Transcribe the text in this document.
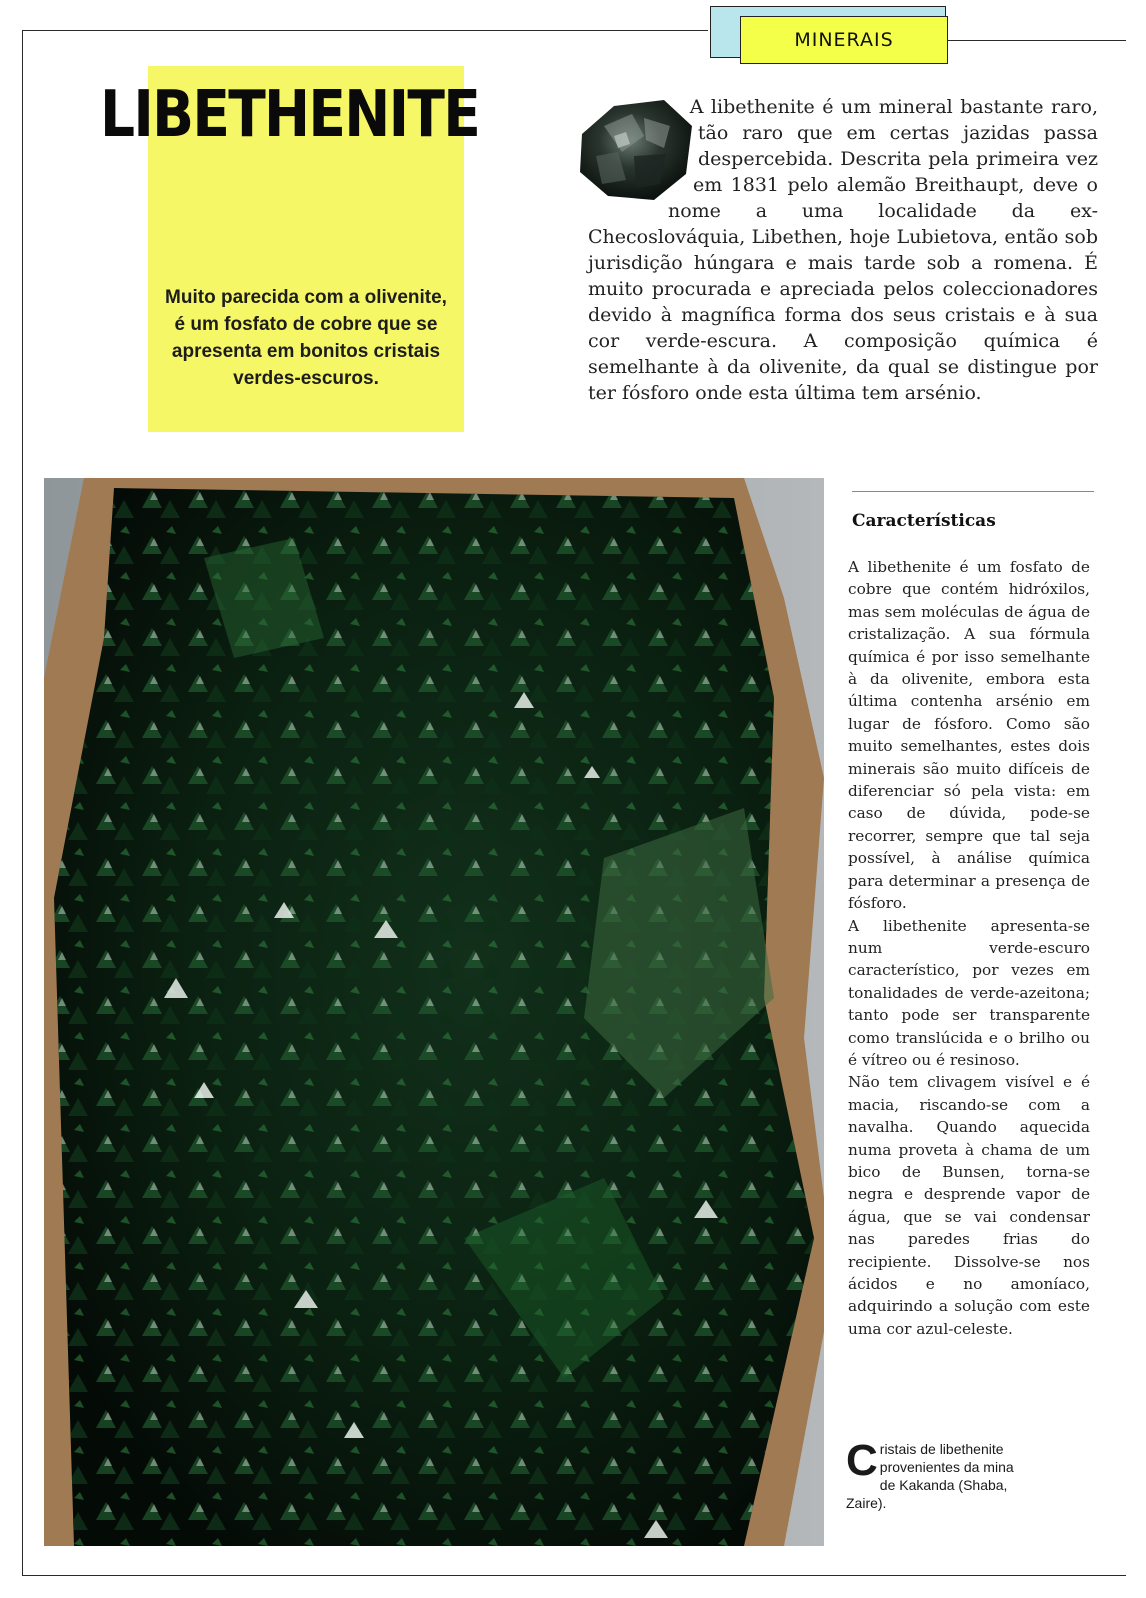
MINERAIS
LIBETHENITE
Muito parecida com a olivenite, é um fosfato de cobre que se apresenta em bonitos cristais verdes-escuros.
A libethenite é um mineral bastante raro, tão raro que em certas jazidas passa despercebida. Descrita pela primeira vez em 1831 pelo alemão Breithaupt, deve o nome a uma localidade da ex-Checoslováquia, Libethen, hoje Lubietova, então sob jurisdição húngara e mais tarde sob a romena. É muito procurada e apreciada pelos coleccionadores devido à magnífica forma dos seus cristais e à sua cor verde-escura. A composição química é semelhante à da olivenite, da qual se distingue por ter fósforo onde esta última tem arsénio.
Características

A libethenite é um fosfato de cobre que contém hidróxilos, mas sem moléculas de água de cristalização. A sua fórmula química é por isso semelhante à da olivenite, embora esta última contenha arsénio em lugar de fósforo. Como são muito semelhantes, estes dois minerais são muito difíceis de diferenciar só pela vista: em caso de dúvida, pode-se recorrer, sempre que tal seja possível, à análise química para determinar a presença de fósforo.

A libethenite apresenta-se num verde-escuro característico, por vezes em tonalidades de verde-azeitona; tanto pode ser transparente como translúcida e o brilho ou é vítreo ou é resinoso.

Não tem clivagem visível e é macia, riscando-se com a navalha. Quando aquecida numa proveta à chama de um bico de Bunsen, torna-se negra e desprende vapor de água, que se vai condensar nas paredes frias do recipiente. Dissolve-se nos ácidos e no amoníaco, adquirindo a solução com este uma cor azul-celeste.

Cristais de libethenite provenientes da mina de Kakanda (Shaba, Zaire).
